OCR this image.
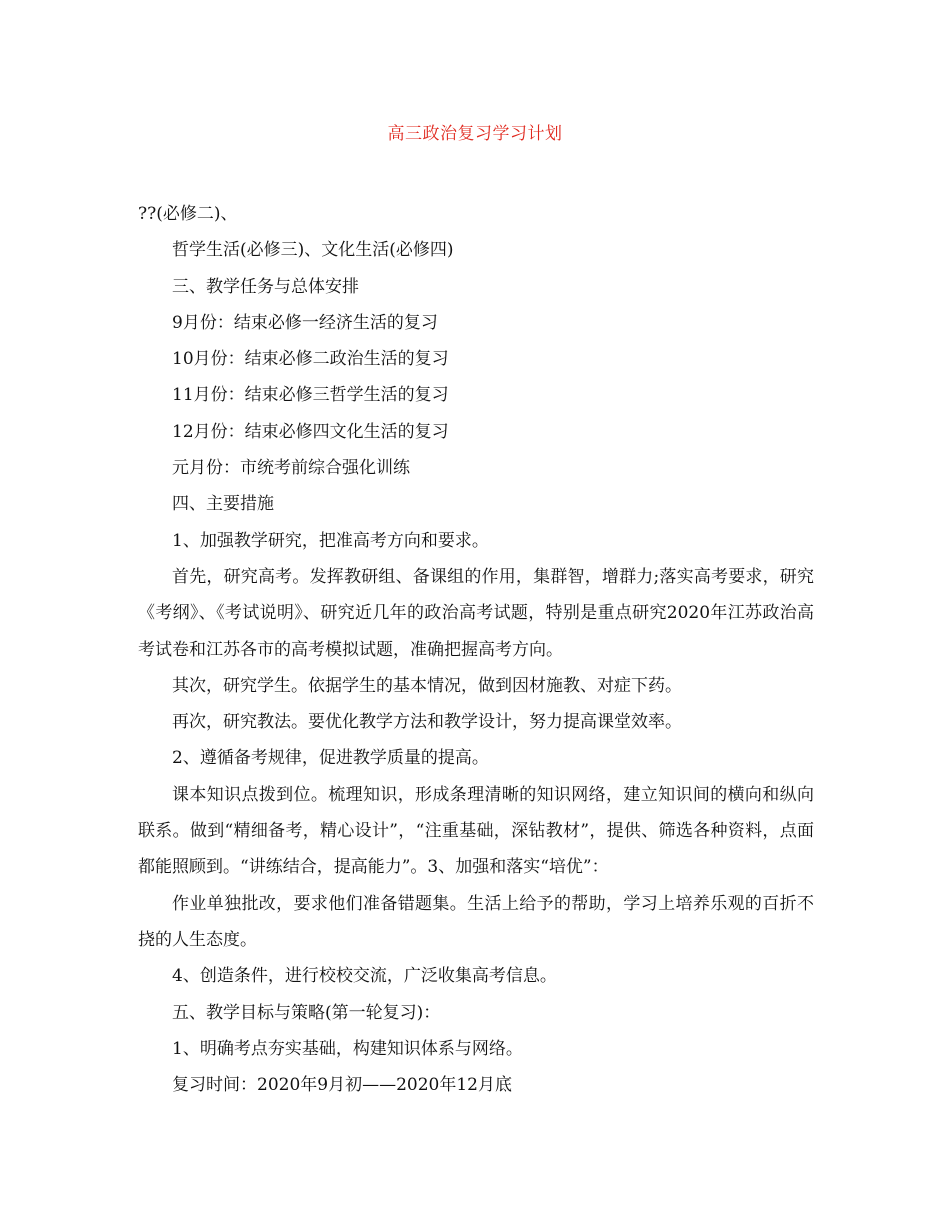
高三政治复习学习计划

??(必修二)、

哲学生活(必修三)、文化生活(必修四)

三、教学任务与总体安排

9月份：结束必修一经济生活的复习

10月份：结束必修二政治生活的复习

11月份：结束必修三哲学生活的复习

12月份：结束必修四文化生活的复习

元月份：市统考前综合强化训练

四、主要措施

1、加强教学研究，把准高考方向和要求。

首先，研究高考。发挥教研组、备课组的作用，集群智，增群力;落实高考要求，研究《考纲》、《考试说明》、研究近几年的政治高考试题，特别是重点研究2020年江苏政治高考试卷和江苏各市的高考模拟试题，准确把握高考方向。

其次，研究学生。依据学生的基本情况，做到因材施教、对症下药。

再次，研究教法。要优化教学方法和教学设计，努力提高课堂效率。

2、遵循备考规律，促进教学质量的提高。

课本知识点拨到位。梳理知识，形成条理清晰的知识网络，建立知识间的横向和纵向联系。做到“精细备考，精心设计”，“注重基础，深钻教材”，提供、筛选各种资料，点面都能照顾到。“讲练结合，提高能力”。3、加强和落实“培优”：

作业单独批改，要求他们准备错题集。生活上给予的帮助，学习上培养乐观的百折不挠的人生态度。

4、创造条件，进行校校交流，广泛收集高考信息。

五、教学目标与策略(第一轮复习)：

1、明确考点夯实基础，构建知识体系与网络。

复习时间：2020年9月初——2020年12月底
